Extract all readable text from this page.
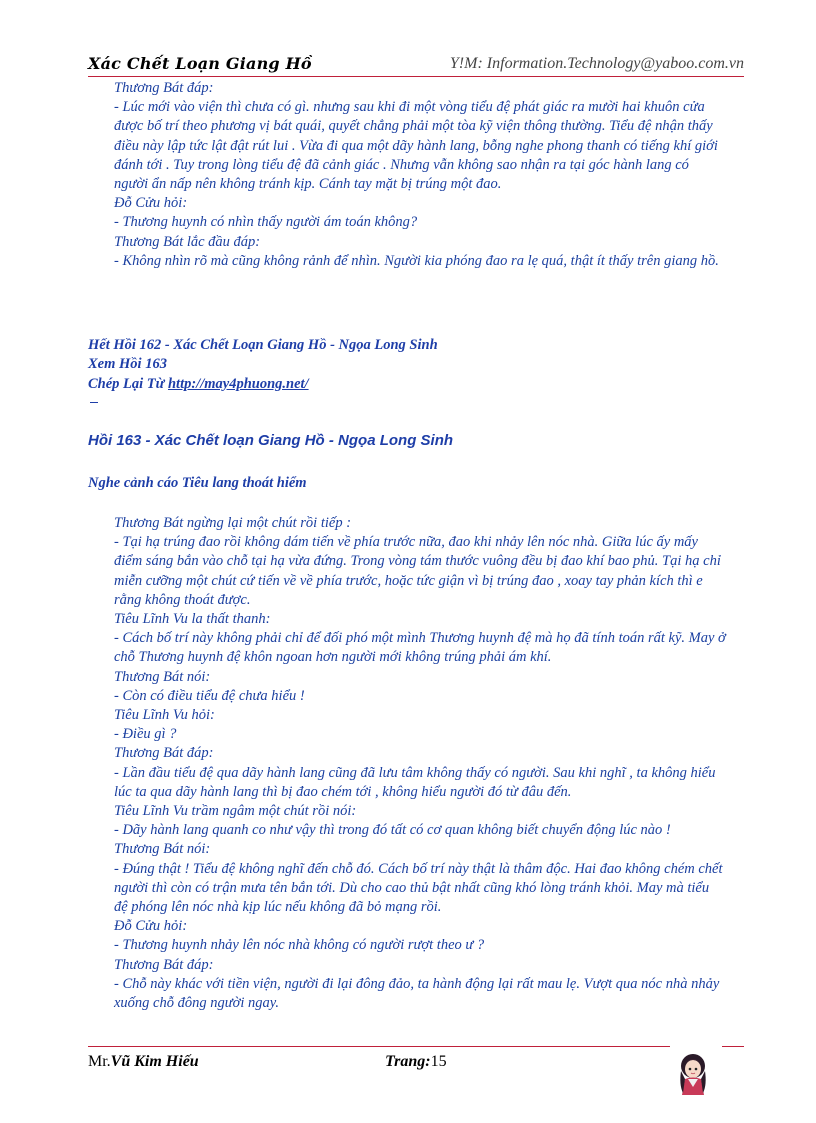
Xác Chết Loạn Giang Hồ	Y!M: Information.Technology@yaboo.com.vn

Thương Bát đáp:

- Lúc mới vào viện thì chưa có gì. nhưng sau khi đi một vòng tiểu đệ phát giác ra mười hai khuôn cửa được bố trí theo phương vị bát quái, quyết chẳng phải một tòa kỹ viện thông thường. Tiểu đệ nhận thấy điều này lập tức lật đật rút lui . Vừa đi qua một dãy hành lang, bỗng nghe phong thanh có tiếng khí giới đánh tới . Tuy trong lòng tiểu đệ đã cảnh giác . Nhưng vẫn không sao nhận ra tại góc hành lang có người ẩn nấp nên không tránh kịp. Cánh tay mặt bị trúng một đao.

Đỗ Cửu hỏi:

- Thương huynh có nhìn thấy người ám toán không?

Thương Bát lắc đầu đáp:

- Không nhìn rõ mà cũng không rảnh để nhìn. Người kia phóng đao ra lẹ quá, thật ít thấy trên giang hồ.

Hết Hồi 162 - Xác Chết Loạn Giang Hồ - Ngọa Long Sinh
Xem Hồi 163
Chép Lại Từ http://may4phuong.net/
Hồi 163 - Xác Chết loạn Giang Hồ - Ngọa Long Sinh
Nghe cảnh cáo Tiêu lang thoát hiểm

Thương Bát ngừng lại một chút rồi tiếp :

- Tại hạ trúng đao rồi không dám tiến về phía trước nữa, đao khi nhảy lên nóc nhà. Giữa lúc ấy mấy điểm sáng bắn vào chỗ tại hạ vừa đứng. Trong vòng tám thước vuông đều bị đao khí bao phủ. Tại hạ chỉ miễn cưỡng một chút cứ tiến về về phía trước, hoặc tức giận vì bị trúng đao , xoay tay phản kích thì e rằng không thoát được.

Tiêu Lĩnh Vu la thất thanh:

- Cách bố trí này không phải chỉ để đối phó một mình Thương huynh đệ mà họ đã tính toán rất kỹ. May ở chỗ Thương huynh đệ khôn ngoan hơn người mới không trúng phải ám khí.

Thương Bát nói:

- Còn có điều tiểu đệ chưa hiểu !

Tiêu Lĩnh Vu hỏi:

- Điều gì ?

Thương Bát đáp:

- Lần đầu tiểu đệ qua dãy hành lang cũng đã lưu tâm không thấy có người. Sau khi nghĩ , ta không hiểu lúc ta qua dãy hành lang thì bị đao chém tới , không hiểu người đó từ đâu đến.

Tiêu Lĩnh Vu trầm ngâm một chút rồi nói:

- Dãy hành lang quanh co như vậy thì trong đó tất có cơ quan không biết chuyển động lúc nào !

Thương Bát nói:

- Đúng thật ! Tiểu đệ không nghĩ đến chỗ đó. Cách bố trí này thật là thâm độc. Hai đao không chém chết người thì còn có trận mưa tên bắn tới. Dù cho cao thủ bật nhất cũng khó lòng tránh khỏi. May mà tiểu đệ phóng lên nóc nhà kịp lúc nếu không đã bỏ mạng rồi.

Đỗ Cửu hỏi:

- Thương huynh nhảy lên nóc nhà không có người rượt theo ư ?

Thương Bát đáp:

- Chỗ này khác với tiền viện, người đi lại đông đảo, ta hành động lại rất mau lẹ. Vượt qua nóc nhà nhảy xuống chỗ đông người ngay.

Mr.Vũ Kim Hiếu	Trang:15
